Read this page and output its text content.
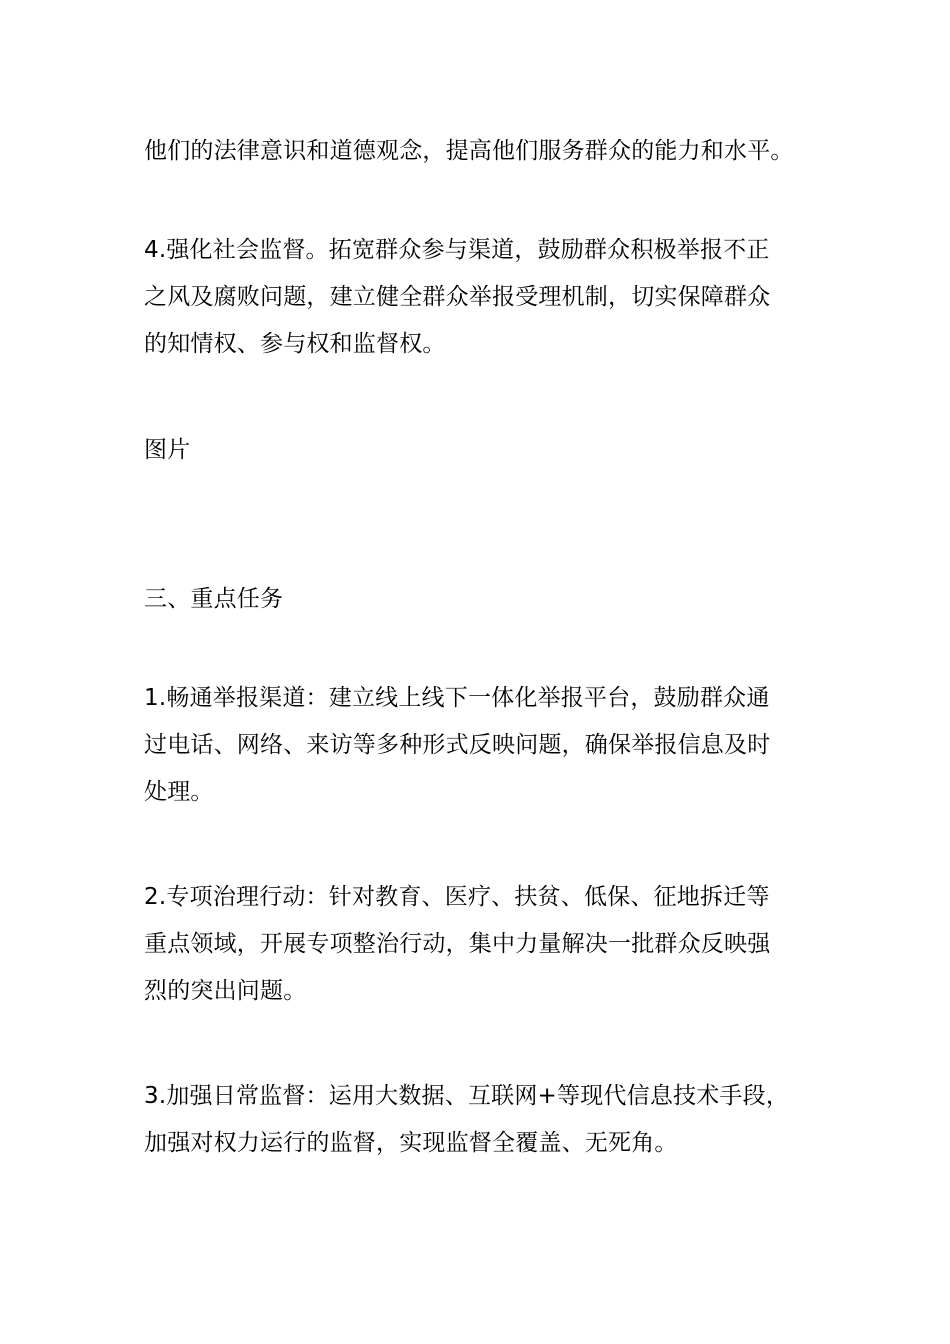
他们的法律意识和道德观念，提高他们服务群众的能力和水平。
4.强化社会监督。拓宽群众参与渠道，鼓励群众积极举报不正
之风及腐败问题，建立健全群众举报受理机制，切实保障群众
的知情权、参与权和监督权。
图片
三、重点任务
1.畅通举报渠道：建立线上线下一体化举报平台，鼓励群众通
过电话、网络、来访等多种形式反映问题，确保举报信息及时
处理。
2.专项治理行动：针对教育、医疗、扶贫、低保、征地拆迁等
重点领域，开展专项整治行动，集中力量解决一批群众反映强
烈的突出问题。
3.加强日常监督：运用大数据、互联网+等现代信息技术手段，
加强对权力运行的监督，实现监督全覆盖、无死角。
